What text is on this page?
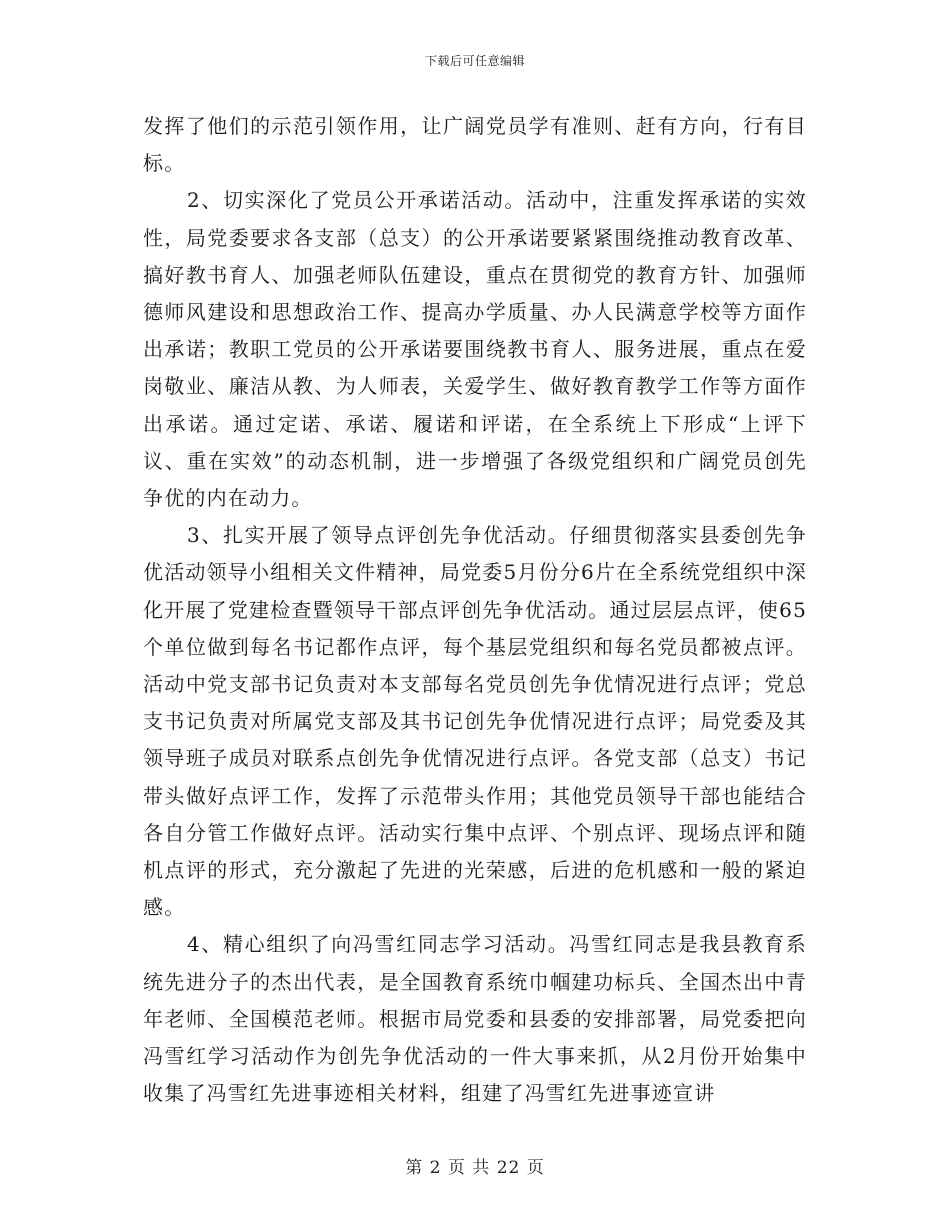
下载后可任意编辑

发挥了他们的示范引领作用，让广阔党员学有准则、赶有方向，行有目标。

2、切实深化了党员公开承诺活动。活动中，注重发挥承诺的实效性，局党委要求各支部（总支）的公开承诺要紧紧围绕推动教育改革、搞好教书育人、加强老师队伍建设，重点在贯彻党的教育方针、加强师德师风建设和思想政治工作、提高办学质量、办人民满意学校等方面作出承诺；教职工党员的公开承诺要围绕教书育人、服务进展，重点在爱岗敬业、廉洁从教、为人师表，关爱学生、做好教育教学工作等方面作出承诺。通过定诺、承诺、履诺和评诺，在全系统上下形成“上评下议、重在实效”的动态机制，进一步增强了各级党组织和广阔党员创先争优的内在动力。

3、扎实开展了领导点评创先争优活动。仔细贯彻落实县委创先争优活动领导小组相关文件精神，局党委5月份分6片在全系统党组织中深化开展了党建检查暨领导干部点评创先争优活动。通过层层点评，使65个单位做到每名书记都作点评，每个基层党组织和每名党员都被点评。活动中党支部书记负责对本支部每名党员创先争优情况进行点评；党总支书记负责对所属党支部及其书记创先争优情况进行点评；局党委及其领导班子成员对联系点创先争优情况进行点评。各党支部（总支）书记带头做好点评工作，发挥了示范带头作用；其他党员领导干部也能结合各自分管工作做好点评。活动实行集中点评、个别点评、现场点评和随机点评的形式，充分激起了先进的光荣感，后进的危机感和一般的紧迫感。

4、精心组织了向冯雪红同志学习活动。冯雪红同志是我县教育系统先进分子的杰出代表，是全国教育系统巾帼建功标兵、全国杰出中青年老师、全国模范老师。根据市局党委和县委的安排部署，局党委把向冯雪红学习活动作为创先争优活动的一件大事来抓，从2月份开始集中收集了冯雪红先进事迹相关材料，组建了冯雪红先进事迹宣讲

第 2 页 共 22 页
